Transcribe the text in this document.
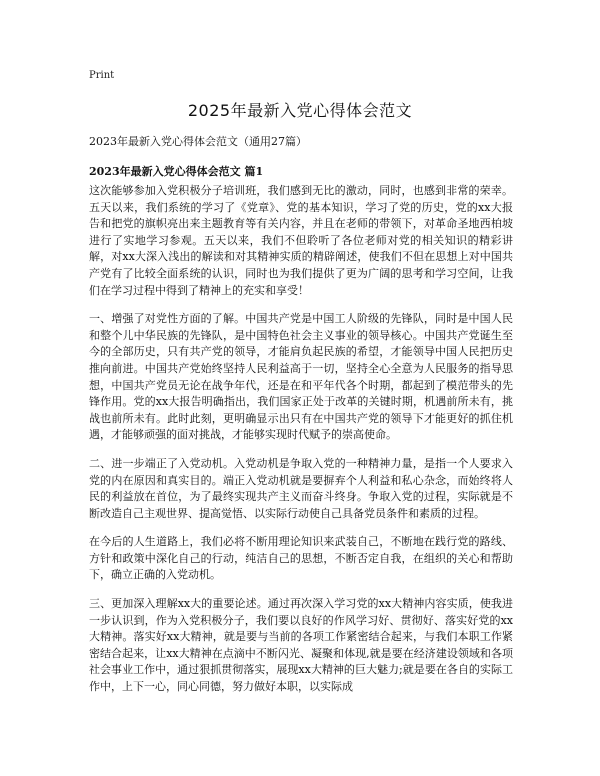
Print
2025年最新入党心得体会范文
2023年最新入党心得体会范文（通用27篇）
2023年最新入党心得体会范文 篇1

这次能够参加入党积极分子培训班，我们感到无比的激动，同时，也感到非常的荣幸。五天以来，我们系统的学习了《党章》、党的基本知识，学习了党的历史，党的xx大报告和把党的旗帜亮出来主题教育等有关内容，并且在老师的带领下，对革命圣地西柏坡进行了实地学习参观。五天以来，我们不但聆听了各位老师对党的相关知识的精彩讲解，对xx大深入浅出的解读和对其精神实质的精辟阐述，使我们不但在思想上对中国共产党有了比较全面系统的认识，同时也为我们提供了更为广阔的思考和学习空间，让我们在学习过程中得到了精神上的充实和享受！

一、增强了对党性方面的了解。中国共产党是中国工人阶级的先锋队，同时是中国人民和整个儿中华民族的先锋队，是中国特色社会主义事业的领导核心。中国共产党诞生至今的全部历史，只有共产党的领导，才能肩负起民族的希望，才能领导中国人民把历史推向前进。中国共产党始终坚持人民利益高于一切，坚持全心全意为人民服务的指导思想，中国共产党员无论在战争年代，还是在和平年代各个时期，都起到了模范带头的先锋作用。党的xx大报告明确指出，我们国家正处于改革的关键时期，机遇前所未有，挑战也前所未有。此时此刻，更明确显示出只有在中国共产党的领导下才能更好的抓住机遇，才能够顽强的面对挑战，才能够实现时代赋予的崇高使命。

二、进一步端正了入党动机。入党动机是争取入党的一种精神力量，是指一个人要求入党的内在原因和真实目的。端正入党动机就是要摒弃个人利益和私心杂念，而始终将人民的利益放在首位，为了最终实现共产主义而奋斗终身。争取入党的过程，实际就是不断改造自己主观世界、提高觉悟、以实际行动使自己具备党员条件和素质的过程。

在今后的人生道路上，我们必将不断用理论知识来武装自己，不断地在践行党的路线、方针和政策中深化自己的行动，纯洁自己的思想，不断否定自我，在组织的关心和帮助下，确立正确的入党动机。

三、更加深入理解xx大的重要论述。通过再次深入学习党的xx大精神内容实质，使我进一步认识到，作为入党积极分子，我们要以良好的作风学习好、贯彻好、落实好党的xx大精神。落实好xx大精神，就是要与当前的各项工作紧密结合起来，与我们本职工作紧密结合起来，让xx大精神在点滴中不断闪光、凝聚和体现,就是要在经济建设领域和各项社会事业工作中，通过狠抓贯彻落实，展现xx大精神的巨大魅力;就是要在各自的实际工作中，上下一心，同心同德，努力做好本职，以实际成
